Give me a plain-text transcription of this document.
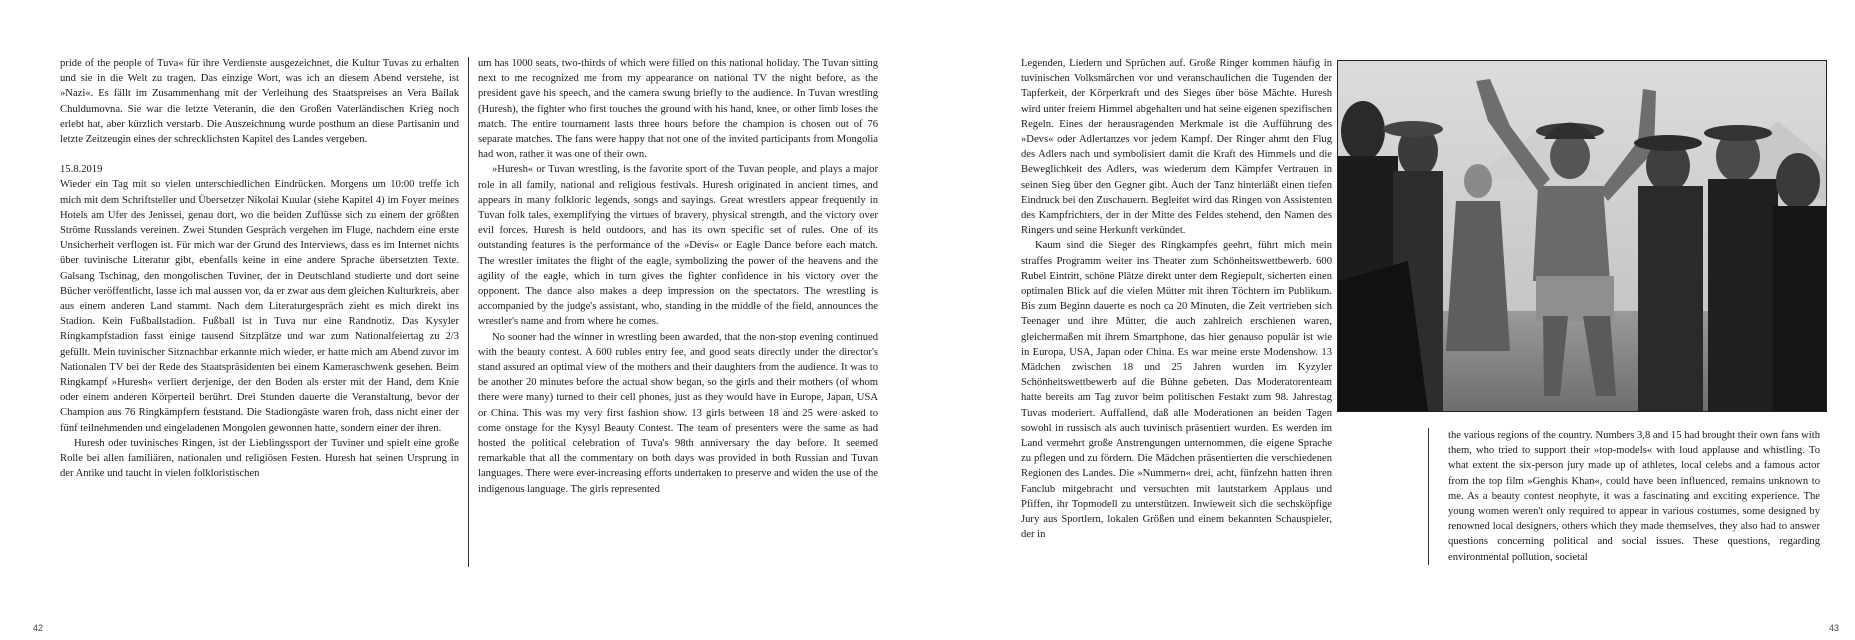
pride of the people of Tuva« für ihre Verdienste ausgezeichnet, die Kultur Tuvas zu erhalten und sie in die Welt zu tragen. Das einzige Wort, was ich an diesem Abend verstehe, ist »Nazi«. Es fällt im Zusammenhang mit der Verleihung des Staatspreises an Vera Bailak Chuldumovna. Sie war die letzte Veteranin, die den Großen Vaterländischen Krieg noch erlebt hat, aber kürzlich verstarb. Die Auszeichnung wurde posthum an diese Partisanin und letzte Zeitzeugin eines der schrecklichsten Kapitel des Landes vergeben.

15.8.2019

Wieder ein Tag mit so vielen unterschiedlichen Eindrücken. Morgens um 10:00 treffe ich mich mit dem Schriftsteller und Übersetzer Nikolai Kuular (siehe Kapitel 4) im Foyer meines Hotels am Ufer des Jenissei, genau dort, wo die beiden Zuflüsse sich zu einem der größten Ströme Russlands vereinen. Zwei Stunden Gespräch vergehen im Fluge, nachdem eine erste Unsicherheit verflogen ist. Für mich war der Grund des Interviews, dass es im Internet nichts über tuvinische Literatur gibt, ebenfalls keine in eine andere Sprache übersetzten Texte. Galsang Tschinag, den mongolischen Tuviner, der in Deutschland studierte und dort seine Bücher veröffentlicht, lasse ich mal aussen vor, da er zwar aus dem gleichen Kulturkreis, aber aus einem anderen Land stammt. Nach dem Literaturgespräch zieht es mich direkt ins Stadion. Kein Fußballstadion. Fußball ist in Tuva nur eine Randnotiz. Das Kysyler Ringkampfstadion fasst einige tausend Sitzplätze und war zum Nationalfeiertag zu 2/3 gefüllt. Mein tuvinischer Sitznachbar erkannte mich wieder, er hatte mich am Abend zuvor im Nationalen TV bei der Rede des Staatspräsidenten bei einem Kameraschwenk gesehen. Beim Ringkampf »Huresh« verliert derjenige, der den Boden als erster mit der Hand, dem Knie oder einem anderen Körperteil berührt. Drei Stunden dauerte die Veranstaltung, bevor der Champion aus 76 Ringkämpfern feststand. Die Stadiongäste waren froh, dass nicht einer der fünf teilnehmenden und eingeladenen Mongolen gewonnen hatte, sondern einer der ihren.

Huresh oder tuvinisches Ringen, ist der Lieblingssport der Tuviner und spielt eine große Rolle bei allen familiären, nationalen und religiösen Festen. Huresh hat seinen Ursprung in der Antike und taucht in vielen folkloristischen

um has 1000 seats, two-thirds of which were filled on this national holiday. The Tuvan sitting next to me recognized me from my appearance on national TV the night before, as the president gave his speech, and the camera swung briefly to the audience. In Tuvan wrestling (Huresh), the fighter who first touches the ground with his hand, knee, or other limb loses the match. The entire tournament lasts three hours before the champion is chosen out of 76 separate matches. The fans were happy that not one of the invited participants from Mongolia had won, rather it was one of their own.

»Huresh« or Tuvan wrestling, is the favorite sport of the Tuvan people, and plays a major role in all family, national and religious festivals. Huresh originated in ancient times, and appears in many folkloric legends, songs and sayings. Great wrestlers appear frequently in Tuvan folk tales, exemplifying the virtues of bravery, physical strength, and the victory over evil forces. Huresh is held outdoors, and has its own specific set of rules. One of its outstanding features is the performance of the »Devis« or Eagle Dance before each match. The wrestler imitates the flight of the eagle, symbolizing the power of the heavens and the agility of the eagle, which in turn gives the fighter confidence in his victory over the opponent. The dance also makes a deep impression on the spectators. The wrestling is accompanied by the judge's assistant, who, standing in the middle of the field, announces the wrestler's name and from where he comes.

No sooner had the winner in wrestling been awarded, that the non-stop evening continued with the beauty contest. A 600 rubles entry fee, and good seats directly under the director's stand assured an optimal view of the mothers and their daughters from the audience. It was to be another 20 minutes before the actual show began, so the girls and their mothers (of whom there were many) turned to their cell phones, just as they would have in Europe, Japan, USA or China. This was my very first fashion show. 13 girls between 18 and 25 were asked to come onstage for the Kysyl Beauty Contest. The team of presenters were the same as had hosted the political celebration of Tuva's 98th anniversary the day before. It seemed remarkable that all the commentary on both days was provided in both Russian and Tuvan languages. There were ever-increasing efforts undertaken to preserve and widen the use of the indigenous language. The girls represented

42

Legenden, Liedern und Sprüchen auf. Große Ringer kommen häufig in tuvinischen Volksmärchen vor und veranschaulichen die Tugenden der Tapferkeit, der Körperkraft und des Sieges über böse Mächte. Huresh wird unter freiem Himmel abgehalten und hat seine eigenen spezifischen Regeln. Eines der herausragenden Merkmale ist die Aufführung des »Devs« oder Adlertanzes vor jedem Kampf. Der Ringer ahmt den Flug des Adlers nach und symbolisiert damit die Kraft des Himmels und die Beweglichkeit des Adlers, was wiederum dem Kämpfer Vertrauen in seinen Sieg über den Gegner gibt. Auch der Tanz hinterläßt einen tiefen Eindruck bei den Zuschauern. Begleitet wird das Ringen von Assistenten des Kampfrichters, der in der Mitte des Feldes stehend, den Namen des Ringers und seine Herkunft verkündet.

Kaum sind die Sieger des Ringkampfes geehrt, führt mich mein straffes Programm weiter ins Theater zum Schönheitswettbewerb. 600 Rubel Eintritt, schöne Plätze direkt unter dem Regiepult, sicherten einen optimalen Blick auf die vielen Mütter mit ihren Töchtern im Publikum. Bis zum Beginn dauerte es noch ca 20 Minuten, die Zeit vertrieben sich Teenager und ihre Mütter, die auch zahlreich erschienen waren, gleichermaßen mit ihrem Smartphone, das hier genauso populär ist wie in Europa, USA, Japan oder China. Es war meine erste Modenshow. 13 Mädchen zwischen 18 und 25 Jahren wurden im Kyzyler Schönheitswettbewerb auf die Bühne gebeten. Das Moderatorenteam hatte bereits am Tag zuvor beim politischen Festakt zum 98. Jahrestag Tuvas moderiert. Auffallend, daß alle Moderationen an beiden Tagen sowohl in russisch als auch tuvinisch präsentiert wurden. Es werden im Land vermehrt große Anstrengungen unternommen, die eigene Sprache zu pflegen und zu fördern. Die Mädchen präsentierten die verschiedenen Regionen des Landes. Die »Nummern« drei, acht, fünfzehn hatten ihren Fanclub mitgebracht und versuchten mit lautstarkem Applaus und Pfiffen, ihr Topmodell zu unterstützen. Inwieweit sich die sechsköpfige Jury aus Sportlern, lokalen Größen und einem bekannten Schauspieler, der in

the various regions of the country. Numbers 3,8 and 15 had brought their own fans with them, who tried to support their »top-models« with loud applause and whistling. To what extent the six-person jury made up of athletes, local celebs and a famous actor from the top film »Genghis Khan«, could have been influenced, remains unknown to me. As a beauty contest neophyte, it was a fascinating and exciting experience. The young women weren't only required to appear in various costumes, some designed by renowned local designers, others which they made themselves, they also had to answer questions concerning political and social issues. These questions, regarding environmental pollution, societal

43
